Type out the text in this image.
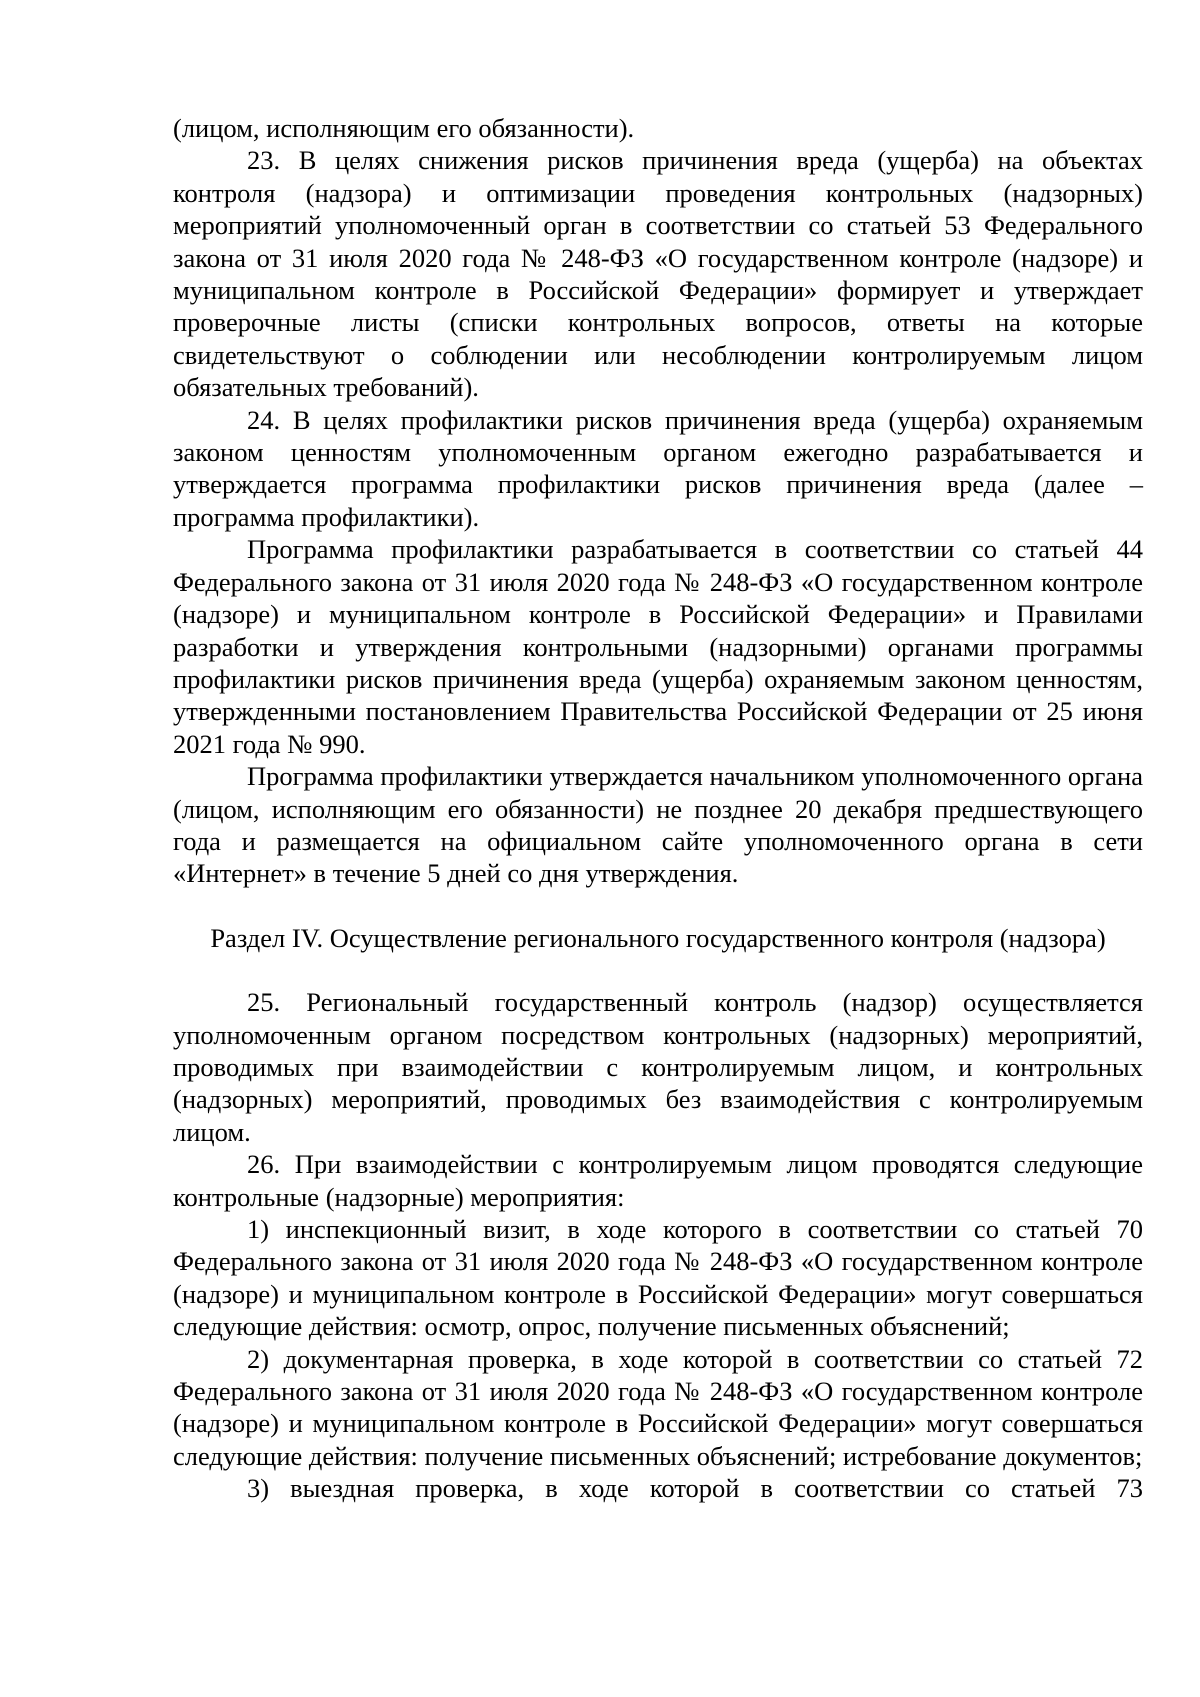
(лицом, исполняющим его обязанности).

23. В целях снижения рисков причинения вреда (ущерба) на объектах контроля (надзора) и оптимизации проведения контрольных (надзорных) мероприятий уполномоченный орган в соответствии со статьей 53 Федерального закона от 31 июля 2020 года № 248-ФЗ «О государственном контроле (надзоре) и муниципальном контроле в Российской Федерации» формирует и утверждает проверочные листы (списки контрольных вопросов, ответы на которые свидетельствуют о соблюдении или несоблюдении контролируемым лицом обязательных требований).

24. В целях профилактики рисков причинения вреда (ущерба) охраняемым законом ценностям уполномоченным органом ежегодно разрабатывается и утверждается программа профилактики рисков причинения вреда (далее – программа профилактики).

Программа профилактики разрабатывается в соответствии со статьей 44 Федерального закона от 31 июля 2020 года № 248-ФЗ «О государственном контроле (надзоре) и муниципальном контроле в Российской Федерации» и Правилами разработки и утверждения контрольными (надзорными) органами программы профилактики рисков причинения вреда (ущерба) охраняемым законом ценностям, утвержденными постановлением Правительства Российской Федерации от 25 июня 2021 года № 990.

Программа профилактики утверждается начальником уполномоченного органа (лицом, исполняющим его обязанности) не позднее 20 декабря предшествующего года и размещается на официальном сайте уполномоченного органа в сети «Интернет» в течение 5 дней со дня утверждения.

Раздел IV. Осуществление регионального государственного контроля (надзора)

25. Региональный государственный контроль (надзор) осуществляется уполномоченным органом посредством контрольных (надзорных) мероприятий, проводимых при взаимодействии с контролируемым лицом, и контрольных (надзорных) мероприятий, проводимых без взаимодействия с контролируемым лицом.

26. При взаимодействии с контролируемым лицом проводятся следующие контрольные (надзорные) мероприятия:

1) инспекционный визит, в ходе которого в соответствии со статьей 70 Федерального закона от 31 июля 2020 года № 248-ФЗ «О государственном контроле (надзоре) и муниципальном контроле в Российской Федерации» могут совершаться следующие действия: осмотр, опрос, получение письменных объяснений;

2) документарная проверка, в ходе которой в соответствии со статьей 72 Федерального закона от 31 июля 2020 года № 248-ФЗ «О государственном контроле (надзоре) и муниципальном контроле в Российской Федерации» могут совершаться следующие действия: получение письменных объяснений; истребование документов;

3) выездная проверка, в ходе которой в соответствии со статьей 73
